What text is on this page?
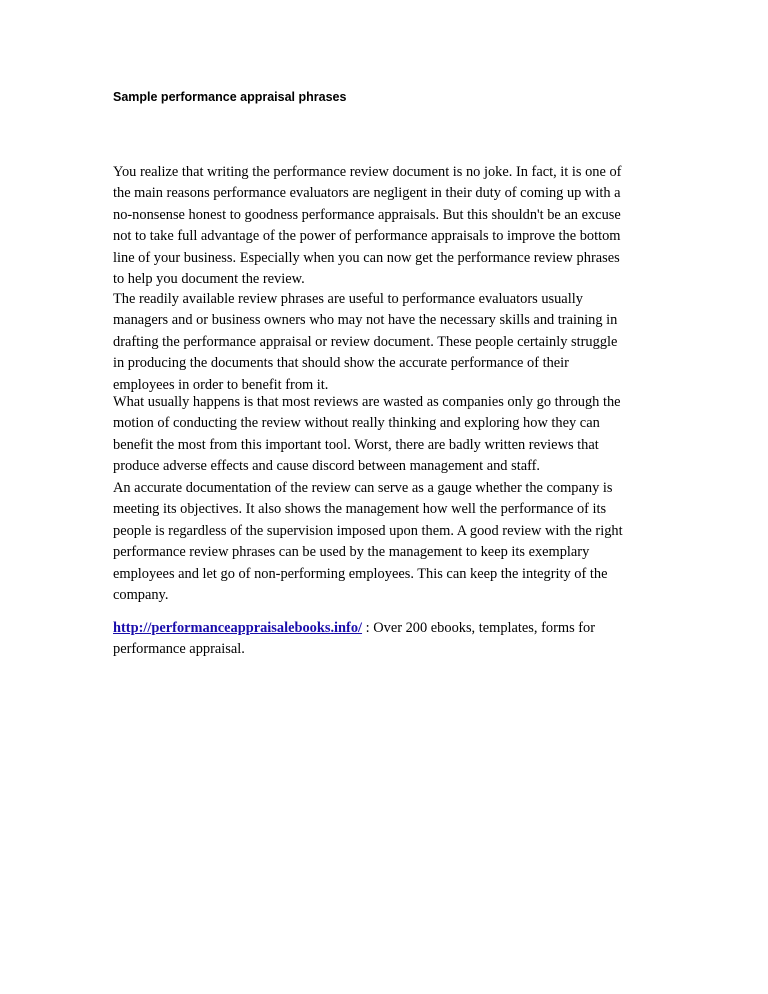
Sample performance appraisal phrases
You realize that writing the performance review document is no joke. In fact, it is one of
the main reasons performance evaluators are negligent in their duty of coming up with a
no-nonsense honest to goodness performance appraisals. But this shouldn't be an excuse
not to take full advantage of the power of performance appraisals to improve the bottom
line of your business. Especially when you can now get the performance review phrases
to help you document the review.
The readily available review phrases are useful to performance evaluators usually
managers and or business owners who may not have the necessary skills and training in
drafting the performance appraisal or review document. These people certainly struggle
in producing the documents that should show the accurate performance of their
employees in order to benefit from it.
What usually happens is that most reviews are wasted as companies only go through the
motion of conducting the review without really thinking and exploring how they can
benefit the most from this important tool. Worst, there are badly written reviews that
produce adverse effects and cause discord between management and staff.
An accurate documentation of the review can serve as a gauge whether the company is
meeting its objectives. It also shows the management how well the performance of its
people is regardless of the supervision imposed upon them. A good review with the right
performance review phrases can be used by the management to keep its exemplary
employees and let go of non-performing employees. This can keep the integrity of the
company.
http://performanceappraisalebooks.info/ : Over 200 ebooks, templates, forms for
performance appraisal.
